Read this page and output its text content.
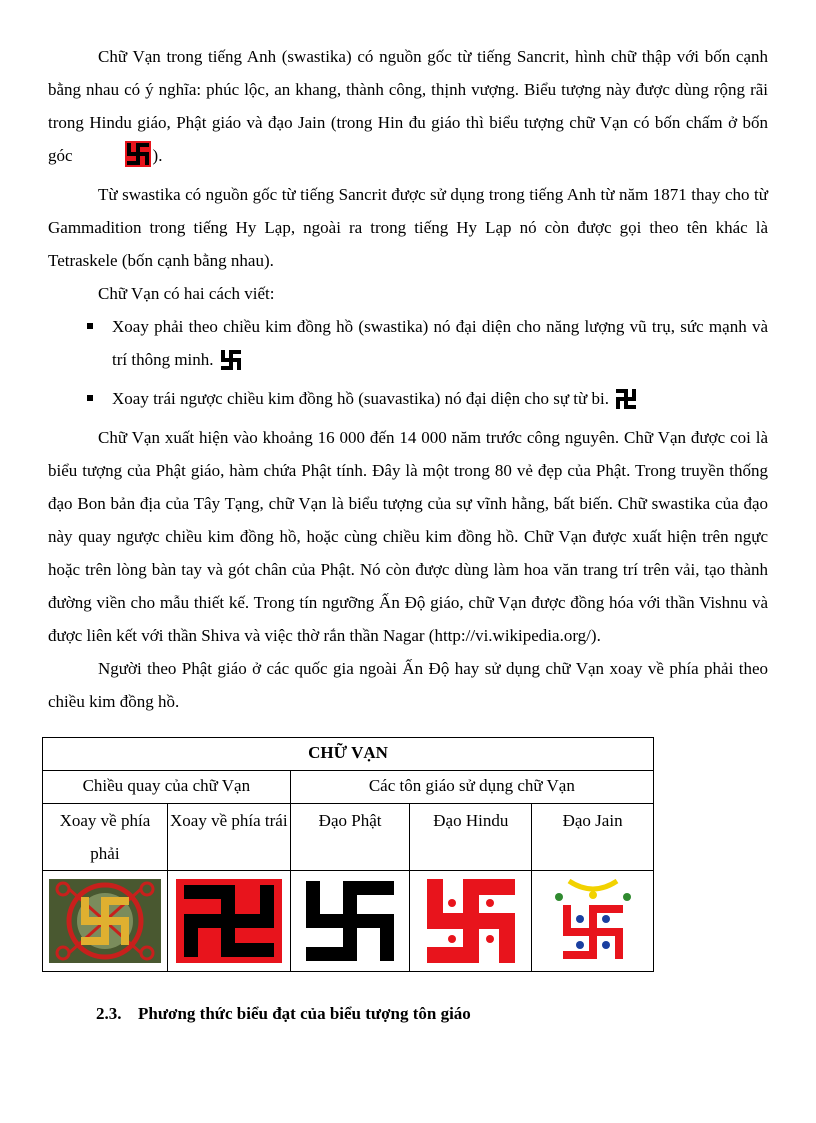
Chữ Vạn trong tiếng Anh (swastika) có nguồn gốc từ tiếng Sancrit, hình chữ thập với bốn cạnh bằng nhau có ý nghĩa: phúc lộc, an khang, thành công, thịnh vượng. Biểu tượng này được dùng rộng rãi trong Hindu giáo, Phật giáo và đạo Jain (trong Hin đu giáo thì biểu tượng chữ Vạn có bốn chấm ở bốn góc	).

Từ swastika có nguồn gốc từ tiếng Sancrit được sử dụng trong tiếng Anh từ năm 1871 thay cho từ Gammadition trong tiếng Hy Lạp, ngoài ra trong tiếng Hy Lạp nó còn được gọi theo tên khác là Tetraskele (bốn cạnh bằng nhau).

Chữ Vạn có hai cách viết:

Xoay phải theo chiều kim đồng hồ (swastika) nó đại diện cho năng lượng vũ trụ, sức mạnh và trí thông minh.
Xoay trái ngược chiều kim đồng hồ (suavastika) nó đại diện cho sự từ bi.

Chữ Vạn xuất hiện vào khoảng 16 000 đến 14 000 năm trước công nguyên. Chữ Vạn được coi là biểu tượng của Phật giáo, hàm chứa Phật tính. Đây là một trong 80 vẻ đẹp của Phật. Trong truyền thống đạo Bon bản địa của Tây Tạng, chữ Vạn là biểu tượng của sự vĩnh hằng, bất biến. Chữ swastika của đạo này quay ngược chiều kim đồng hồ, hoặc cùng chiều kim đồng hồ. Chữ Vạn được xuất hiện trên ngực hoặc trên lòng bàn tay và gót chân của Phật. Nó còn được dùng làm hoa văn trang trí trên vải, tạo thành đường viền cho mẫu thiết kế. Trong tín ngưỡng Ấn Độ giáo, chữ Vạn được đồng hóa với thần Vishnu và được liên kết với thần Shiva và việc thờ rắn thần Nagar (http://vi.wikipedia.org/).

Người theo Phật giáo ở các quốc gia ngoài Ấn Độ hay sử dụng chữ Vạn xoay về phía phải theo chiều kim đồng hồ.

CHỮ VẠN				
Chiều quay của chữ Vạn		Các tôn giáo sử dụng chữ Vạn		
Xoay về phía phải	Xoay về phía trái	Đạo Phật	Đạo Hindu	Đạo Jain

2.3. Phương thức biểu đạt của biểu tượng tôn giáo
